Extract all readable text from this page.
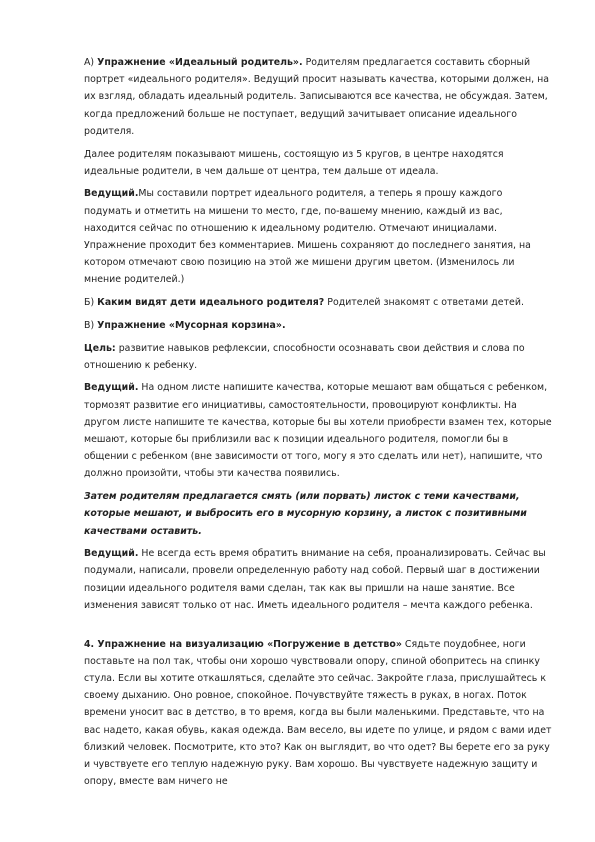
А) Упражнение «Идеальный родитель». Родителям предлагается составить сборный портрет «идеального родителя». Ведущий просит называть качества, которыми должен, на их взгляд, обладать идеальный родитель. Записываются все качества, не обсуждая. Затем, когда предложений больше не поступает, ведущий зачитывает описание идеального родителя.

Далее родителям показывают мишень, состоящую из 5 кругов, в центре находятся идеальные родители, в чем дальше от центра, тем дальше от идеала.

Ведущий.Мы составили портрет идеального родителя, а теперь я прошу каждого подумать и отметить на мишени то место, где, по-вашему мнению, каждый из вас, находится сейчас по отношению к идеальному родителю. Отмечают инициалами. Упражнение проходит без комментариев. Мишень сохраняют до последнего занятия, на котором отмечают свою позицию на этой же мишени другим цветом. (Изменилось ли мнение родителей.)

Б) Каким видят дети идеального родителя? Родителей знакомят с ответами детей.

В) Упражнение «Мусорная корзина».

Цель: развитие навыков рефлексии, способности осознавать свои действия и слова по отношению к ребенку.

Ведущий. На одном листе напишите качества, которые мешают вам общаться с ребенком, тормозят развитие его инициативы, самостоятельности, провоцируют конфликты. На другом листе напишите те качества, которые бы вы хотели приобрести взамен тех, которые мешают, которые бы приблизили вас к позиции идеального родителя, помогли бы в общении с ребенком (вне зависимости от того, могу я это сделать или нет), напишите, что должно произойти, чтобы эти качества появились.

Затем родителям предлагается смять (или порвать) листок с теми качествами, которые мешают, и выбросить его в мусорную корзину, а листок с позитивными качествами оставить.

Ведущий. Не всегда есть время обратить внимание на себя, проанализировать. Сейчас вы подумали, написали, провели определенную работу над собой. Первый шаг в достижении позиции идеального родителя вами сделан, так как вы пришли на наше занятие. Все изменения зависят только от нас. Иметь идеального родителя – мечта каждого ребенка.

4. Упражнение на визуализацию «Погружение в детство» Сядьте поудобнее, ноги поставьте на пол так, чтобы они хорошо чувствовали опору, спиной обопритесь на спинку стула. Если вы хотите откашляться, сделайте это сейчас. Закройте глаза, прислушайтесь к своему дыханию. Оно ровное, спокойное. Почувствуйте тяжесть в руках, в ногах. Поток времени уносит вас в детство, в то время, когда вы были маленькими. Представьте, что на вас надето, какая обувь, какая одежда. Вам весело, вы идете по улице, и рядом с вами идет близкий человек. Посмотрите, кто это? Как он выглядит, во что одет? Вы берете его за руку и чувствуете его теплую надежную руку. Вам хорошо. Вы чувствуете надежную защиту и опору, вместе вам ничего не
